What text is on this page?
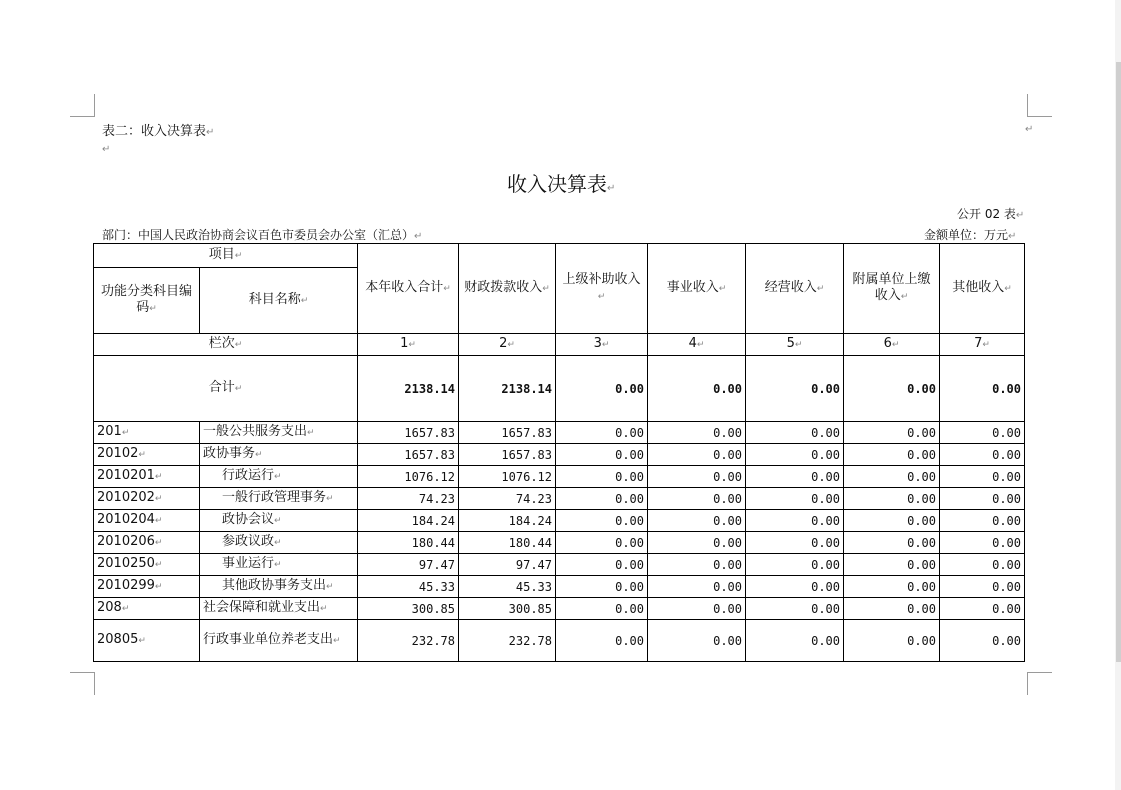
表二：收入决算表↵
↵
↵
收入决算表↵
公开 02 表↵
部门：中国人民政治协商会议百色市委员会办公室（汇总）↵	金额单位：万元↵
项目↵		本年收入合计↵	财政拨款收入↵	上级补助收入↵	事业收入↵	经营收入↵	附属单位上缴收入↵	其他收入↵
功能分类科目编码↵	科目名称↵							
栏次↵		1↵	2↵	3↵	4↵	5↵	6↵	7↵
合计↵		2138.14	2138.14	0.00	0.00	0.00	0.00	0.00
201↵	一般公共服务支出↵	1657.83	1657.83	0.00	0.00	0.00	0.00	0.00
20102↵	政协事务↵	1657.83	1657.83	0.00	0.00	0.00	0.00	0.00
2010201↵	行政运行↵	1076.12	1076.12	0.00	0.00	0.00	0.00	0.00
2010202↵	一般行政管理事务↵	74.23	74.23	0.00	0.00	0.00	0.00	0.00
2010204↵	政协会议↵	184.24	184.24	0.00	0.00	0.00	0.00	0.00
2010206↵	参政议政↵	180.44	180.44	0.00	0.00	0.00	0.00	0.00
2010250↵	事业运行↵	97.47	97.47	0.00	0.00	0.00	0.00	0.00
2010299↵	其他政协事务支出↵	45.33	45.33	0.00	0.00	0.00	0.00	0.00
208↵	社会保障和就业支出↵	300.85	300.85	0.00	0.00	0.00	0.00	0.00
20805↵	行政事业单位养老支出↵	232.78	232.78	0.00	0.00	0.00	0.00	0.00
